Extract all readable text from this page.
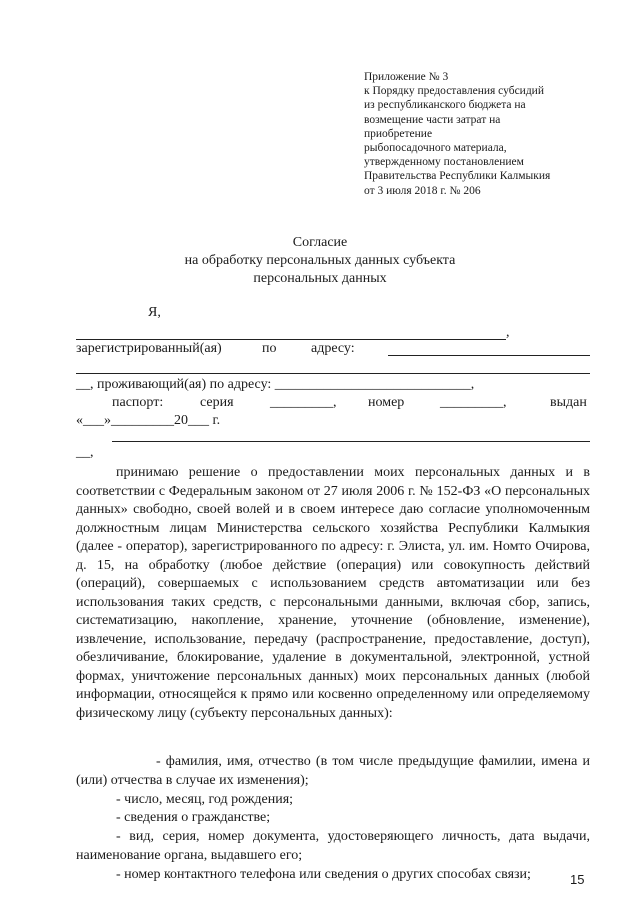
Приложение № 3
к Порядку предоставления субсидий
из республиканского бюджета на
возмещение части затрат на
приобретение
рыбопосадочного материала,
утвержденному постановлением
Правительства Республики Калмыкия
от 3 июля 2018 г. № 206
Согласие
на обработку персональных данных субъекта
персональных данных
Я,
,
зарегистрированный(ая)	по адресу:
__, проживающий(ая) по адресу: ____________________________,
паспорт:	серия	_________, номер	_________,	выдан
«___»_________20___ г.
__,
принимаю решение о предоставлении моих персональных данных и в соответствии с Федеральным законом от 27 июля 2006 г. № 152-ФЗ «О персональных данных» свободно, своей волей и в своем интересе даю согласие уполномоченным должностным лицам Министерства сельского хозяйства Республики Калмыкия (далее - оператор), зарегистрированного по адресу: г. Элиста, ул. им. Номто Очирова, д. 15, на обработку (любое действие (операция) или совокупность действий (операций), совершаемых с использованием средств автоматизации или без использования таких средств, с персональными данными, включая сбор, запись, систематизацию, накопление, хранение, уточнение (обновление, изменение), извлечение, использование, передачу (распространение, предоставление, доступ), обезличивание, блокирование, удаление в документальной, электронной, устной формах, уничтожение персональных данных) моих персональных данных (любой информации, относящейся к прямо или косвенно определенному или определяемому физическому лицу (субъекту персональных данных):
- фамилия, имя, отчество (в том числе предыдущие фамилии, имена и (или) отчества в случае их изменения);
- число, месяц, год рождения;
- сведения о гражданстве;
- вид, серия, номер документа, удостоверяющего личность, дата выдачи, наименование органа, выдавшего его;
- номер контактного телефона или сведения о других способах связи;	15
